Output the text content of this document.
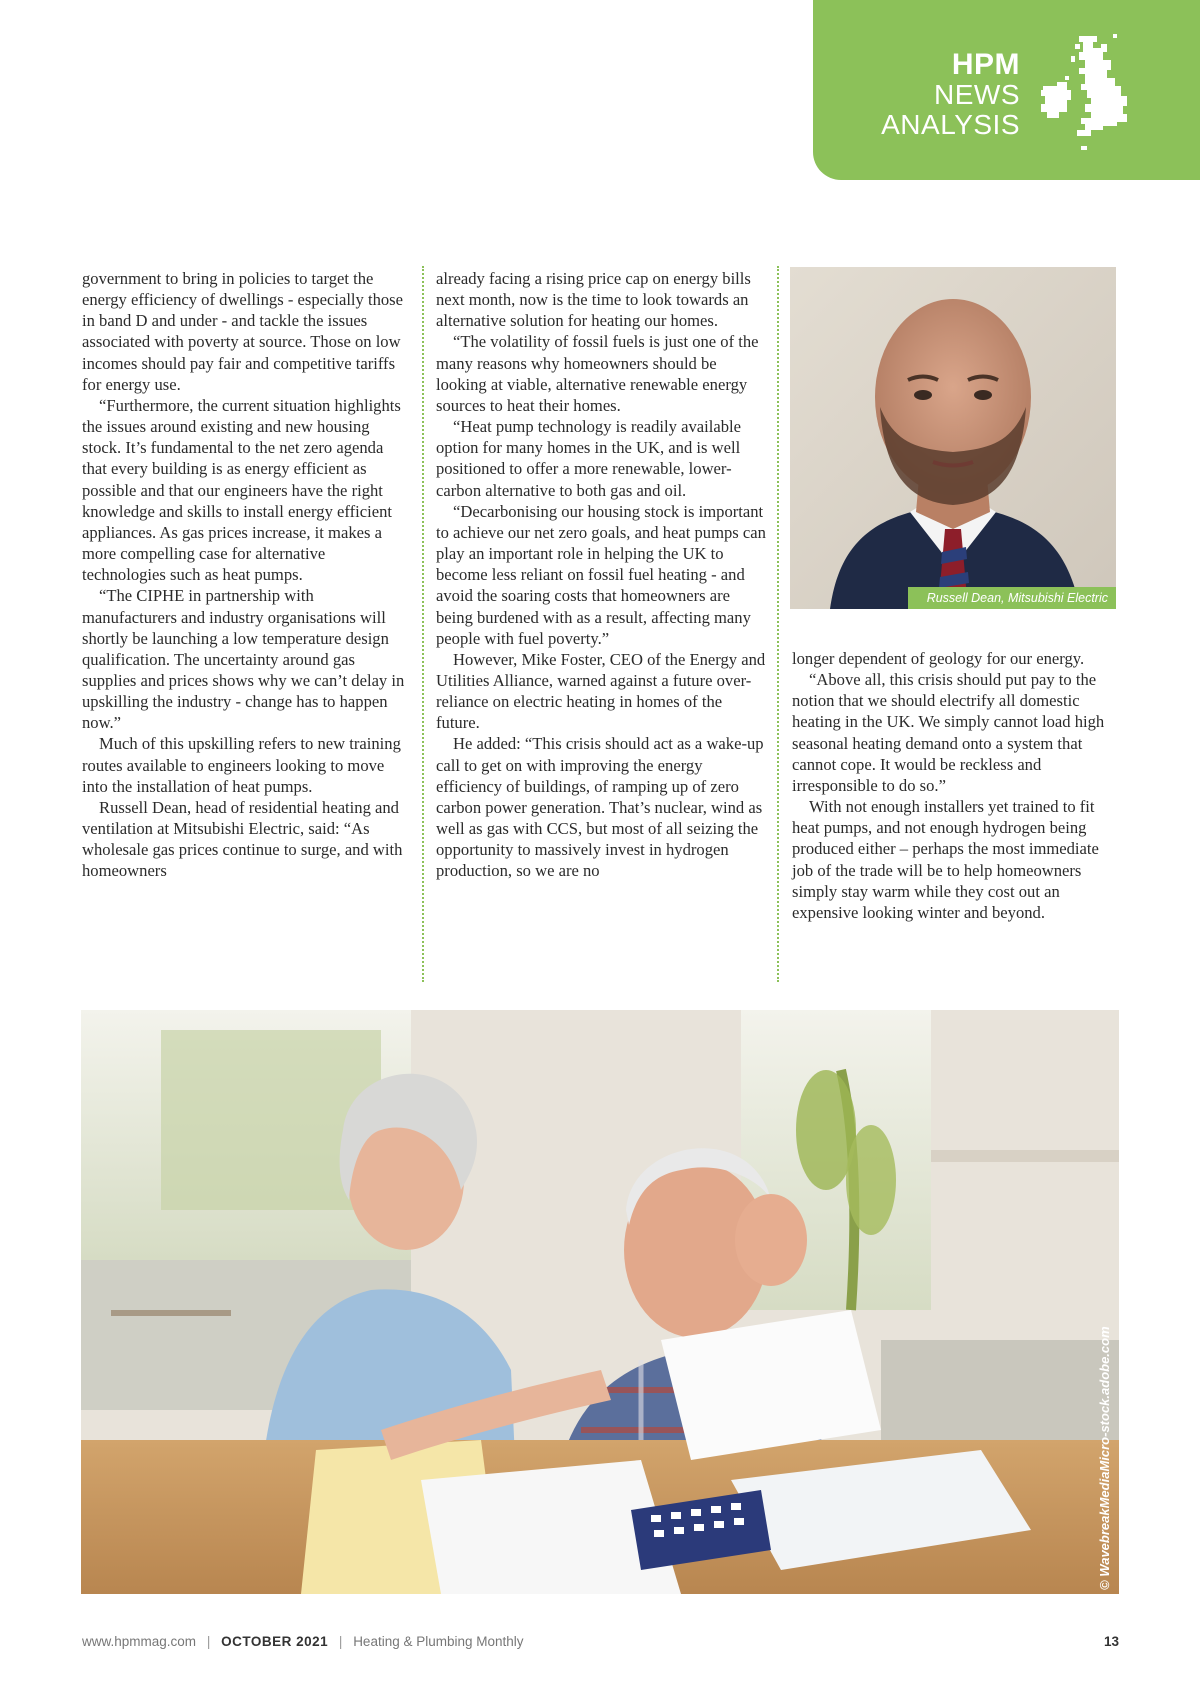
HPM
NEWS
ANALYSIS

government to bring in policies to target the energy efficiency of dwellings - especially those in band D and under - and tackle the issues associated with poverty at source. Those on low incomes should pay fair and competitive tariffs for energy use.

“Furthermore, the current situation highlights the issues around existing and new housing stock. It’s fundamental to the net zero agenda that every building is as energy efficient as possible and that our engineers have the right knowledge and skills to install energy efficient appliances. As gas prices increase, it makes a more compelling case for alternative technologies such as heat pumps.

“The CIPHE in partnership with manufacturers and industry organisations will shortly be launching a low temperature design qualification. The uncertainty around gas supplies and prices shows why we can’t delay in upskilling the industry - change has to happen now.”

Much of this upskilling refers to new training routes available to engineers looking to move into the installation of heat pumps.

Russell Dean, head of residential heating and ventilation at Mitsubishi Electric, said: “As wholesale gas prices continue to surge, and with homeowners

already facing a rising price cap on energy bills next month, now is the time to look towards an alternative solution for heating our homes.

“The volatility of fossil fuels is just one of the many reasons why homeowners should be looking at viable, alternative renewable energy sources to heat their homes.

“Heat pump technology is readily available option for many homes in the UK, and is well positioned to offer a more renewable, lower-carbon alternative to both gas and oil.

“Decarbonising our housing stock is important to achieve our net zero goals, and heat pumps can play an important role in helping the UK to become less reliant on fossil fuel heating - and avoid the soaring costs that homeowners are being burdened with as a result, affecting many people with fuel poverty.”

However, Mike Foster, CEO of the Energy and Utilities Alliance, warned against a future over-reliance on electric heating in homes of the future.

He added: “This crisis should act as a wake-up call to get on with improving the energy efficiency of buildings, of ramping up of zero carbon power generation. That’s nuclear, wind as well as gas with CCS, but most of all seizing the opportunity to massively invest in hydrogen production, so we are no

Russell Dean, Mitsubishi Electric

longer dependent of geology for our energy.

“Above all, this crisis should put pay to the notion that we should electrify all domestic heating in the UK. We simply cannot load high seasonal heating demand onto a system that cannot cope. It would be reckless and irresponsible to do so.”

With not enough installers yet trained to fit heat pumps, and not enough hydrogen being produced either – perhaps the most immediate job of the trade will be to help homeowners simply stay warm while they cost out an expensive looking winter and beyond.

© WavebreakMediaMicro-stock.adobe.com
www.hpmmag.com | OCTOBER 2021 | Heating & Plumbing Monthly	13
